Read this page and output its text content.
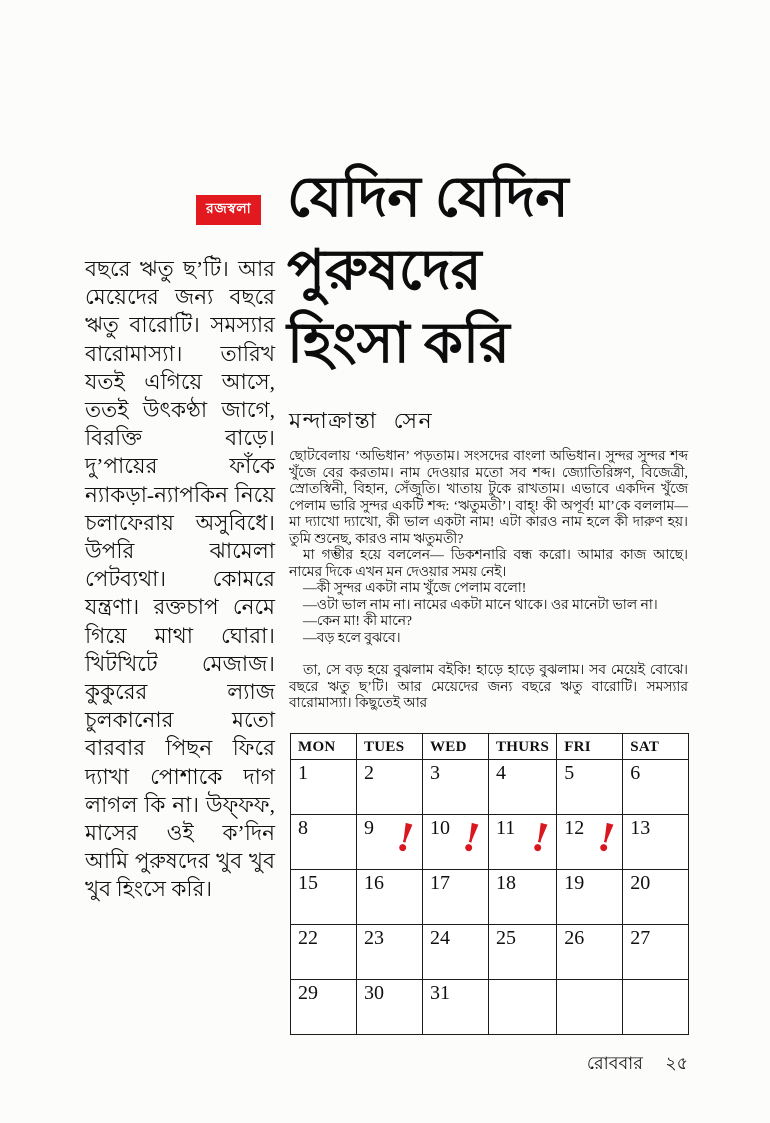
রজস্বলা যেদিন যেদিন
পুরুষদের
হিংসা করি
মন্দাক্রান্তা সেন
বছরে ঋতু ছ’টি। আর মেয়েদের জন্য বছরে ঋতু বারোটি। সমস্যার বারোমাস্যা। তারিখ যতই এগিয়ে আসে, ততই উৎকণ্ঠা জাগে, বিরক্তি বাড়ে। দু’পায়ের ফাঁকে ন্যাকড়া-ন্যাপকিন নিয়ে চলাফেরায় অসুবিধে। উপরি ঝামেলা পেটব্যথা। কোমরে যন্ত্রণা। রক্তচাপ নেমে গিয়ে মাথা ঘোরা। খিটখিটে মেজাজ। কুকুরের ল্যাজ চুলকানোর মতো বারবার পিছন ফিরে দ্যাখা পোশাকে দাগ লাগল কি না। উফ্‌ফফ, মাসের ওই ক’দিন আমি পুরুষদের খুব খুব খুব হিংসে করি।

ছোটবেলায় ‘অভিধান’ পড়তাম। সংসদের বাংলা অভিধান। সুন্দর সুন্দর শব্দ খুঁজে বের করতাম। নাম দেওয়ার মতো সব শব্দ। জ্যোতিরিঙ্গণ, বিজেত্রী, স্রোতস্বিনী, বিহান, সেঁজুতি। খাতায় টুকে রাখতাম। এভাবে একদিন খুঁজে পেলাম ভারি সুন্দর একটি শব্দ: ‘ঋতুমতী’। বাহ্‌! কী অপূর্ব! মা’কে বললাম— মা দ্যাখো দ্যাখো, কী ভাল একটা নাম! এটা কারও নাম হলে কী দারুণ হয়। তুমি শুনেছ, কারও নাম ঋতুমতী?

মা গম্ভীর হয়ে বললেন— ডিকশনারি বন্ধ করো। আমার কাজ আছে। নামের দিকে এখন মন দেওয়ার সময় নেই।

—কী সুন্দর একটা নাম খুঁজে পেলাম বলো!

—ওটা ভাল নাম না। নামের একটা মানে থাকে। ওর মানেটা ভাল না।

—কেন মা! কী মানে?

—বড় হলে বুঝবে।

তা, সে বড় হয়ে বুঝলাম বইকি! হাড়ে হাড়ে বুঝলাম। সব মেয়েই বোঝে। বছরে ঋতু ছ’টি। আর মেয়েদের জন্য বছরে ঋতু বারোটি। সমস্যার বারোমাস্যা। কিছুতেই আর

MON	TUES	WED	THURS	FRI	SAT
1	2	3	4	5	6
8	9 !	10 !	11 !	12 !	13
15	16	17	18	19	20
22	23	24	25	26	27
29	30	31			
রোববার ২৫
